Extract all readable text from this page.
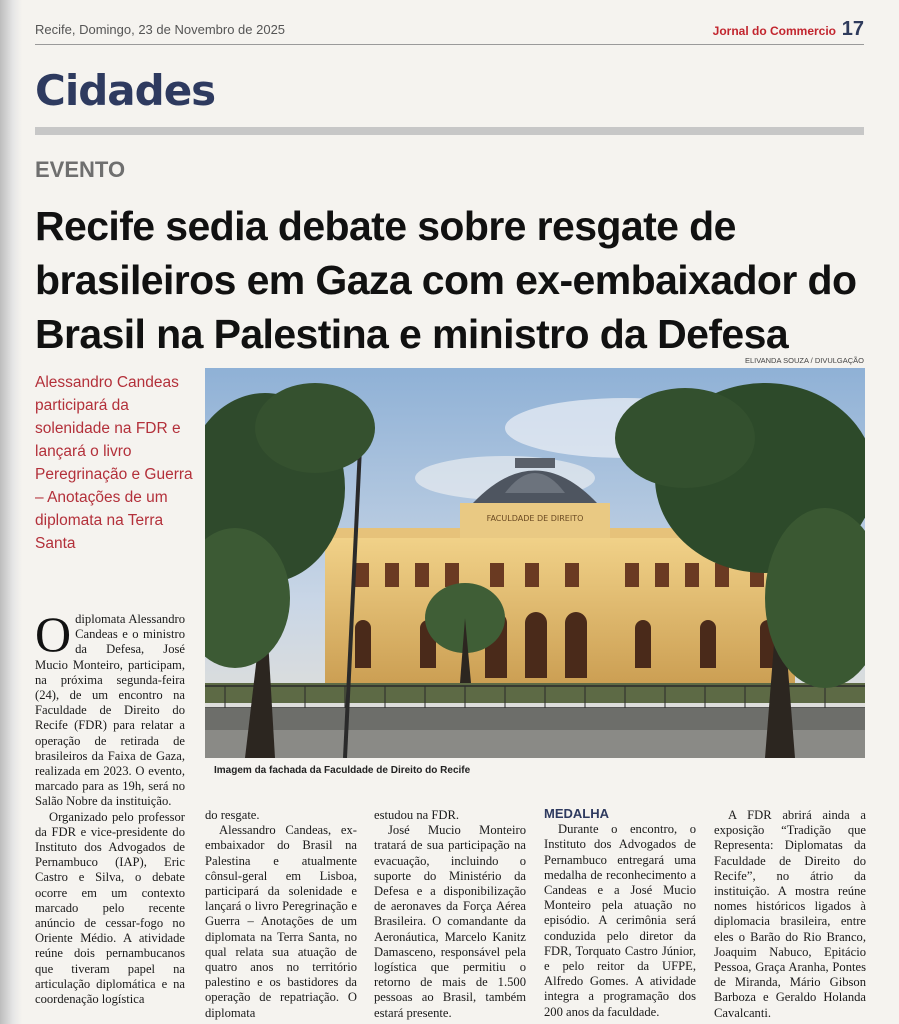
Recife, Domingo, 23 de Novembro de 2025	Jornal do Commercio 17
Cidades
EVENTO
Recife sedia debate sobre resgate de brasileiros em Gaza com ex-embaixador do Brasil na Palestina e ministro da Defesa
ELIVANDA SOUZA / DIVULGAÇÃO
Alessandro Candeas participará da solenidade na FDR e lançará o livro Peregrinação e Guerra – Anotações de um diplomata na Terra Santa
FACULDADE DE DIREITO
Imagem da fachada da Faculdade de Direito do Recife

Odiplomata Alessandro Candeas e o ministro da Defesa, José Mucio Monteiro, participam, na próxima segunda-feira (24), de um encontro na Faculdade de Direito do Recife (FDR) para relatar a operação de retirada de brasileiros da Faixa de Gaza, realizada em 2023. O evento, marcado para as 19h, será no Salão Nobre da instituição.

Organizado pelo professor da FDR e vice-presidente do Instituto dos Advogados de Pernambuco (IAP), Eric Castro e Silva, o debate ocorre em um contexto marcado pelo recente anúncio de cessar-fogo no Oriente Médio. A atividade reúne dois pernambucanos que tiveram papel na articulação diplomática e na coordenação logística

do resgate.

Alessandro Candeas, ex-embaixador do Brasil na Palestina e atualmente cônsul-geral em Lisboa, participará da solenidade e lançará o livro Peregrinação e Guerra – Anotações de um diplomata na Terra Santa, no qual relata sua atuação de quatro anos no território palestino e os bastidores da operação de repatriação. O diplomata

estudou na FDR.

José Mucio Monteiro tratará de sua participação na evacuação, incluindo o suporte do Ministério da Defesa e a disponibilização de aeronaves da Força Aérea Brasileira. O comandante da Aeronáutica, Marcelo Kanitz Damasceno, responsável pela logística que permitiu o retorno de mais de 1.500 pessoas ao Brasil, também estará presente.

MEDALHA

Durante o encontro, o Instituto dos Advogados de Pernambuco entregará uma medalha de reconhecimento a Candeas e a José Mucio Monteiro pela atuação no episódio. A cerimônia será conduzida pelo diretor da FDR, Torquato Castro Júnior, e pelo reitor da UFPE, Alfredo Gomes. A atividade integra a programação dos 200 anos da faculdade.

A FDR abrirá ainda a exposição “Tradição que Representa: Diplomatas da Faculdade de Direito do Recife”, no átrio da instituição. A mostra reúne nomes históricos ligados à diplomacia brasileira, entre eles o Barão do Rio Branco, Joaquim Nabuco, Epitácio Pessoa, Graça Aranha, Pontes de Miranda, Mário Gibson Barboza e Geraldo Holanda Cavalcanti.
